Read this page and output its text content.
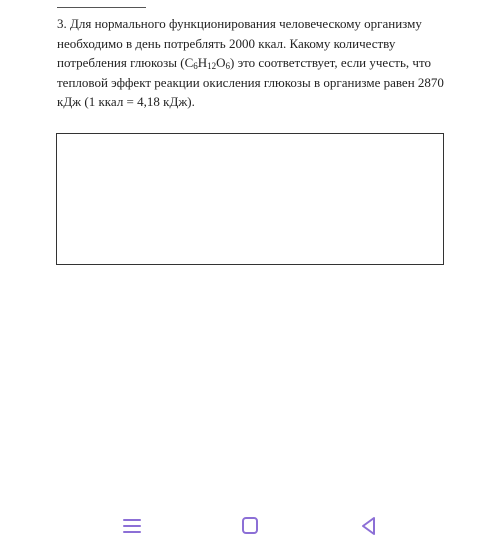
3. Для нормального функционирования человеческому организму необходимо в день потреблять 2000 ккал. Какому количеству потребления глюкозы $(C_6H_{12}O_6)$ это соответствует, если учесть, что тепловой эффект реакции окисления глюкозы в организме равен 2870 кДж (1 ккал = 4,18 кДж).
